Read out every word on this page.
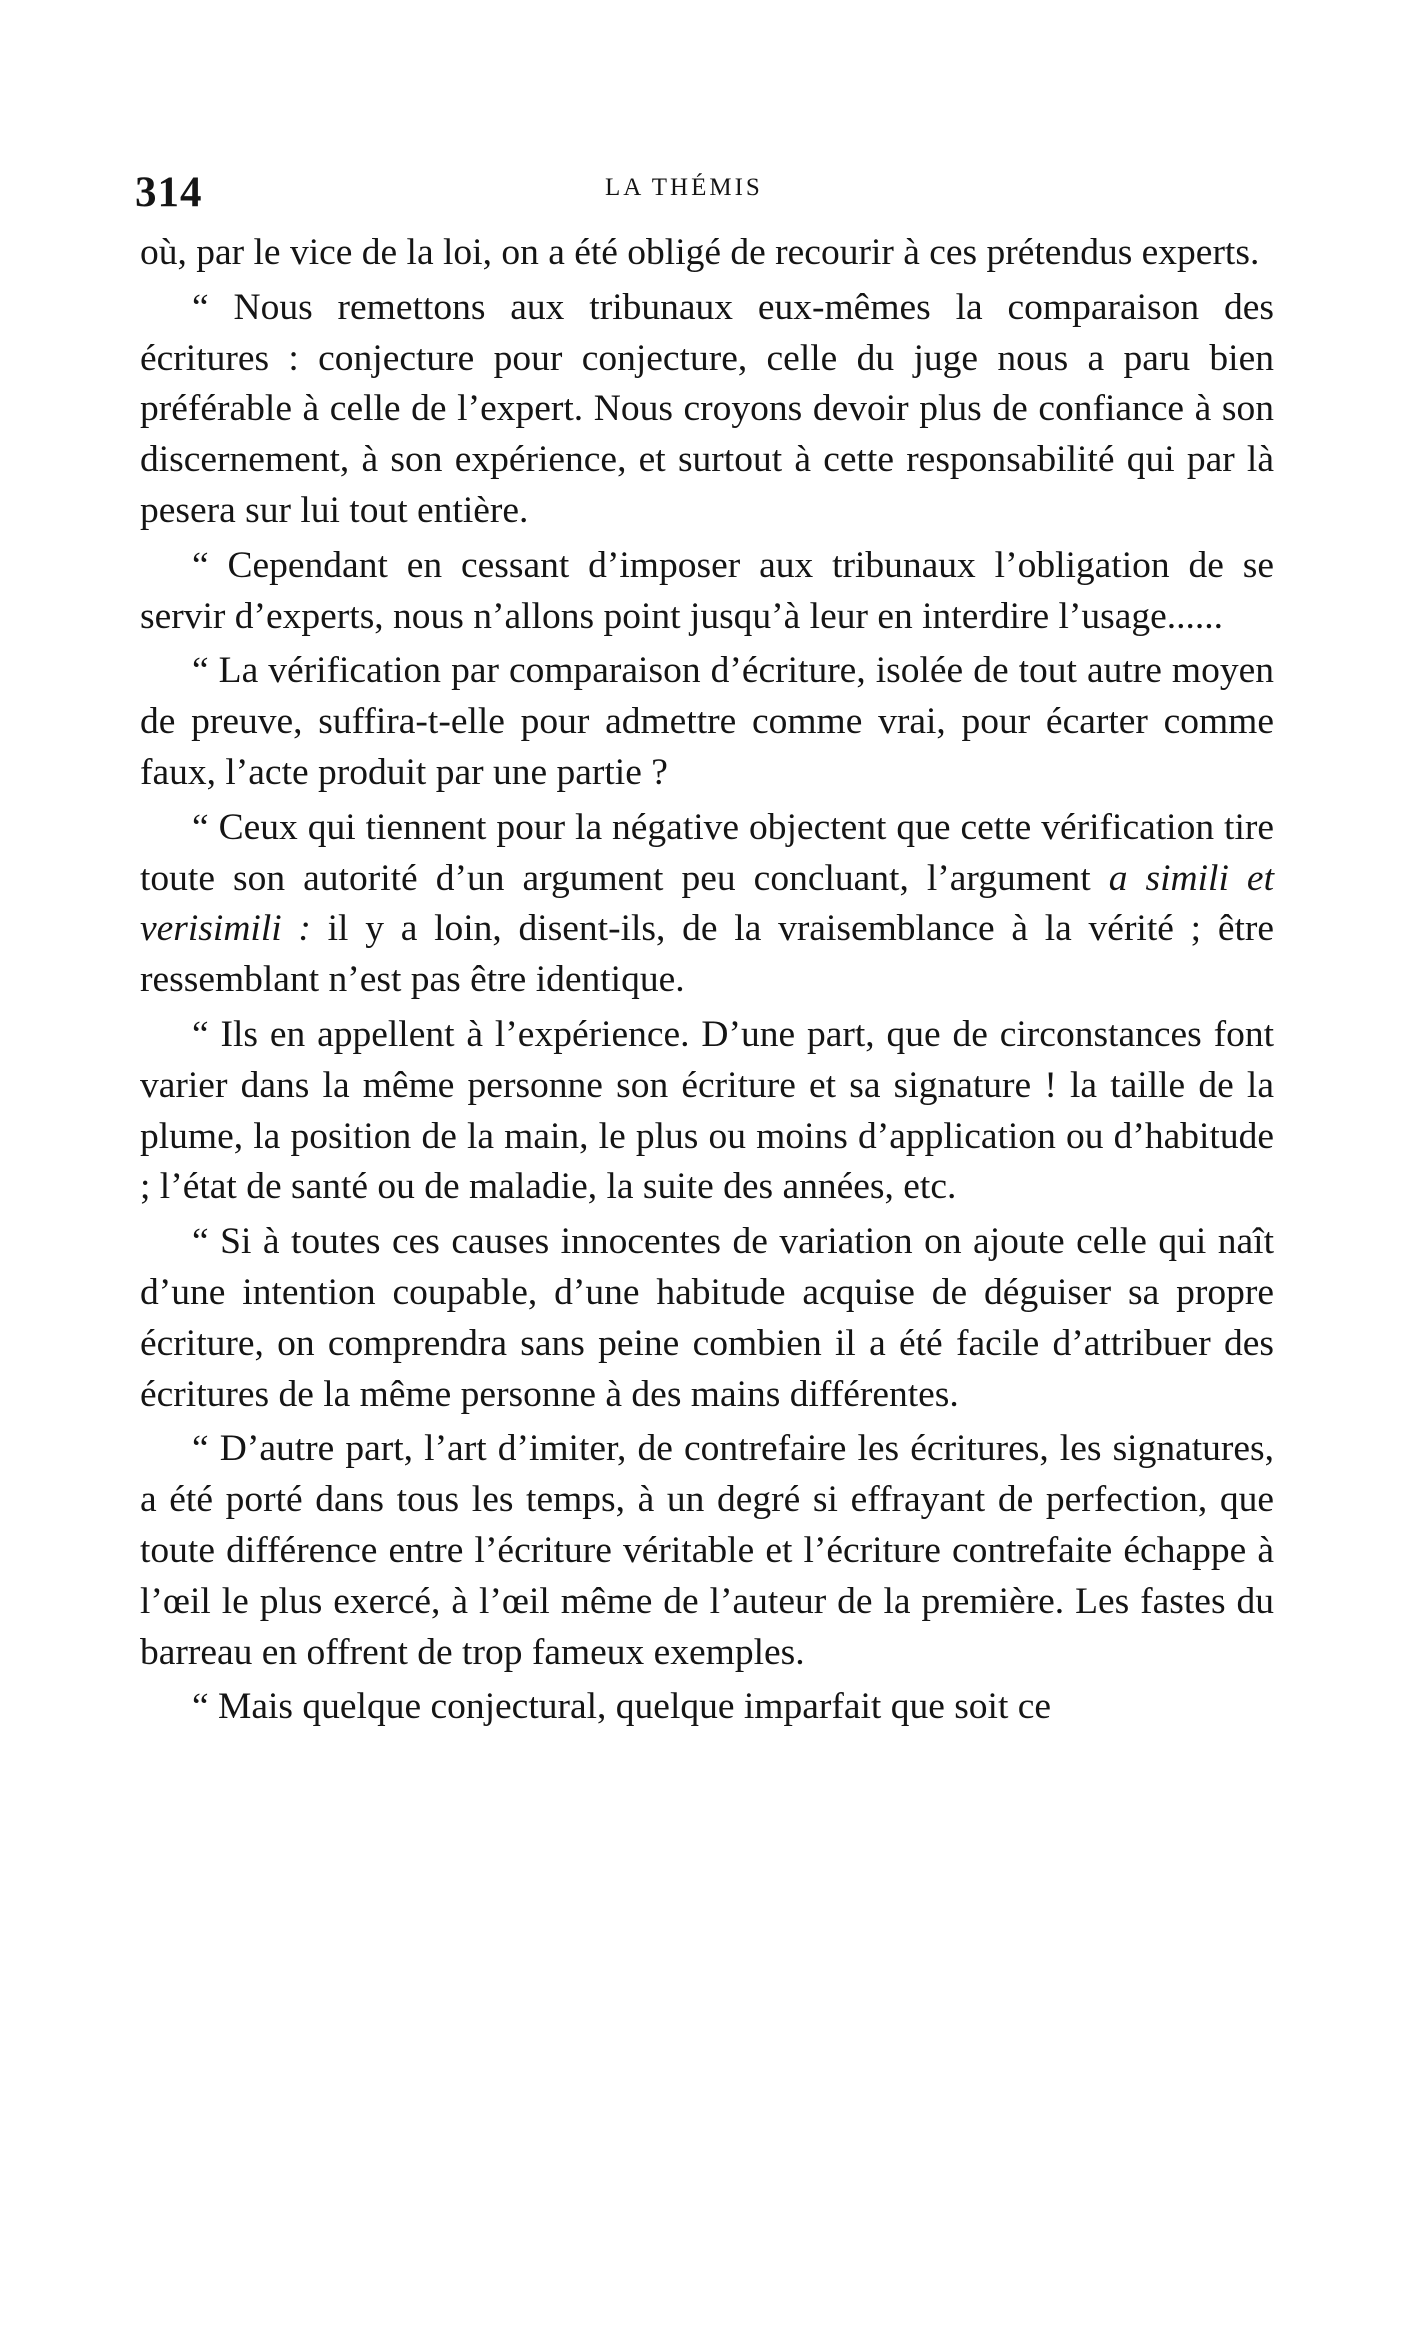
314	LA THÉMIS

où, par le vice de la loi, on a été obligé de recourir à ces prétendus experts.

“ Nous remettons aux tribunaux eux-mêmes la comparaison des écritures : conjecture pour conjecture, celle du juge nous a paru bien préférable à celle de l’expert. Nous croyons devoir plus de confiance à son discernement, à son expérience, et surtout à cette responsabilité qui par là pesera sur lui tout entière.

“ Cependant en cessant d’imposer aux tribunaux l’obligation de se servir d’experts, nous n’allons point jusqu’à leur en interdire l’usage......

“ La vérification par comparaison d’écriture, isolée de tout autre moyen de preuve, suffira-t-elle pour admettre comme vrai, pour écarter comme faux, l’acte produit par une partie ?

“ Ceux qui tiennent pour la négative objectent que cette vérification tire toute son autorité d’un argument peu concluant, l’argument a simili et verisimili : il y a loin, disent-ils, de la vraisemblance à la vérité ; être ressemblant n’est pas être identique.

“ Ils en appellent à l’expérience. D’une part, que de circonstances font varier dans la même personne son écriture et sa signature ! la taille de la plume, la position de la main, le plus ou moins d’application ou d’habitude ; l’état de santé ou de maladie, la suite des années, etc.

“ Si à toutes ces causes innocentes de variation on ajoute celle qui naît d’une intention coupable, d’une habitude acquise de déguiser sa propre écriture, on comprendra sans peine combien il a été facile d’attribuer des écritures de la même personne à des mains différentes.

“ D’autre part, l’art d’imiter, de contrefaire les écritures, les signatures, a été porté dans tous les temps, à un degré si effrayant de perfection, que toute différence entre l’écriture véritable et l’écriture contrefaite échappe à l’œil le plus exercé, à l’œil même de l’auteur de la première. Les fastes du barreau en offrent de trop fameux exemples.

“ Mais quelque conjectural, quelque imparfait que soit ce
